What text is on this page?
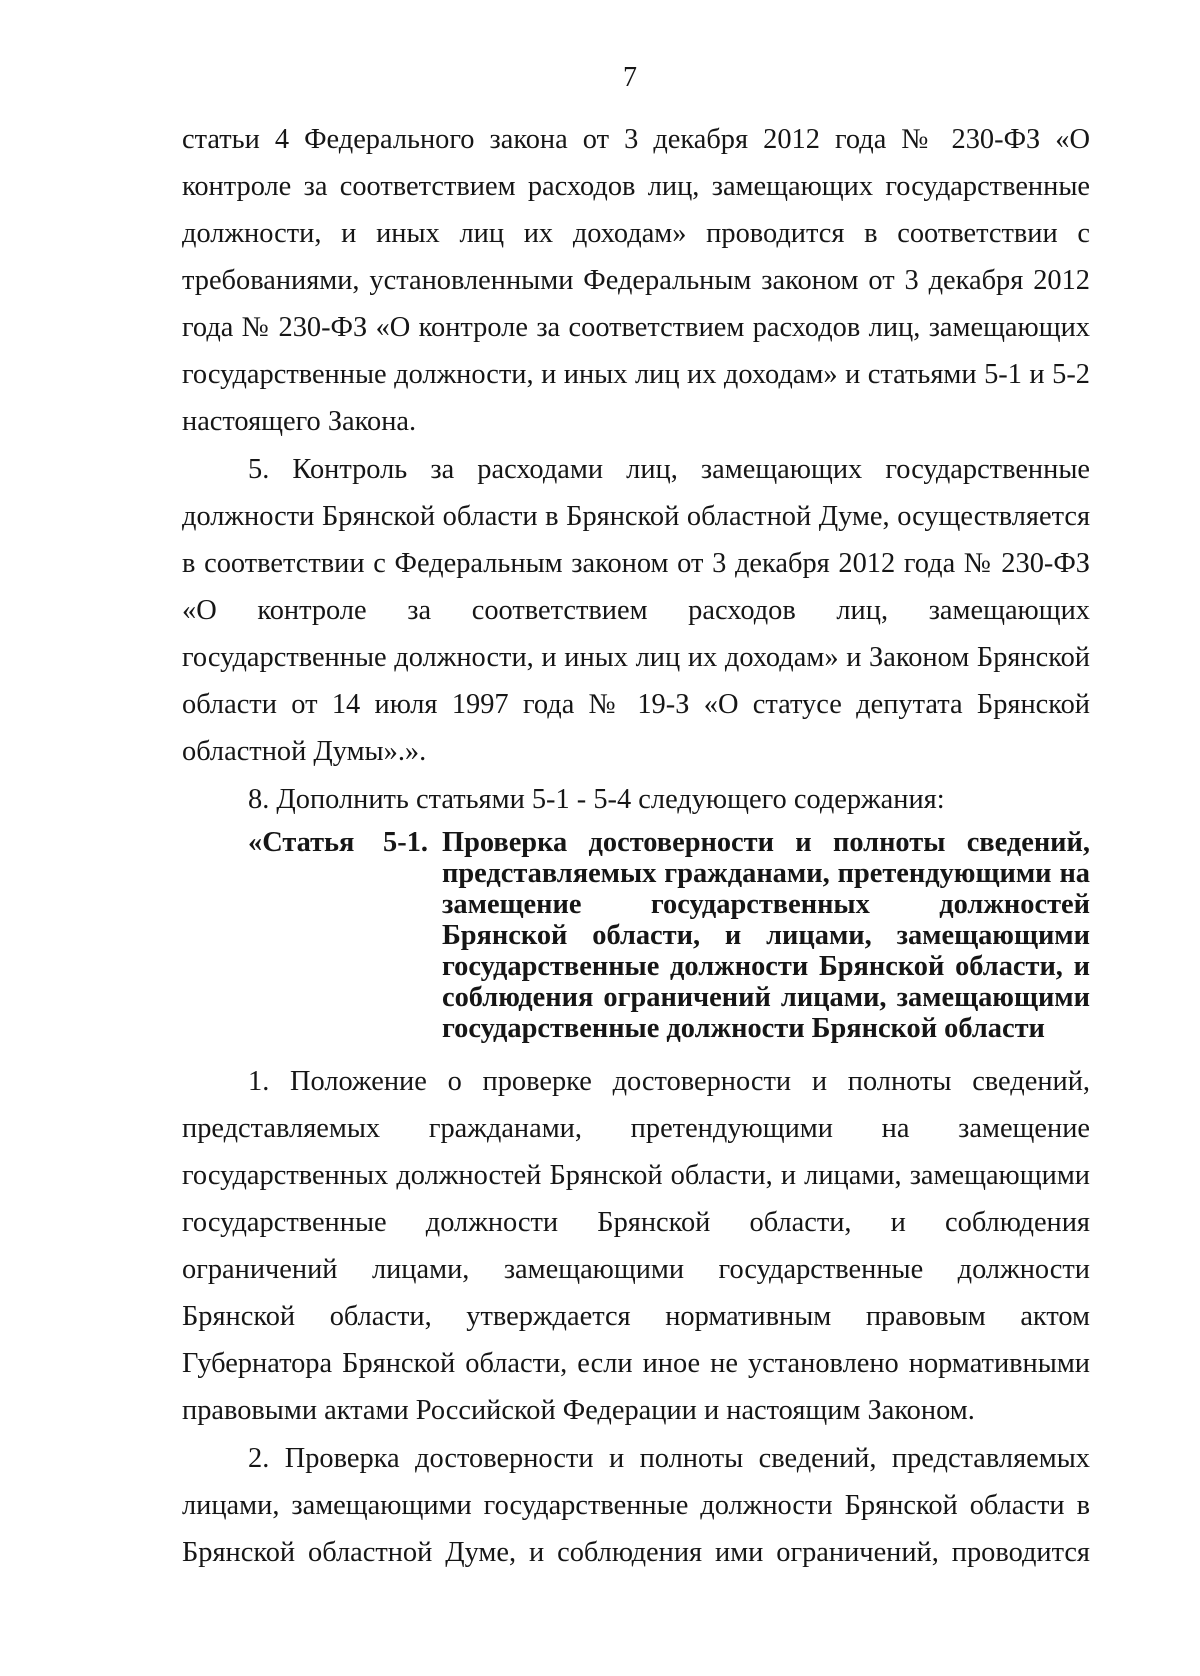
7

статьи 4 Федерального закона от 3 декабря 2012 года № 230-ФЗ «О контроле за соответствием расходов лиц, замещающих государственные должности, и иных лиц их доходам» проводится в соответствии с требованиями, установленными Федеральным законом от 3 декабря 2012 года № 230-ФЗ «О контроле за соответствием расходов лиц, замещающих государственные должности, и иных лиц их доходам» и статьями 5-1 и 5-2 настоящего Закона.

5. Контроль за расходами лиц, замещающих государственные должности Брянской области в Брянской областной Думе, осуществляется в соответствии с Федеральным законом от 3 декабря 2012 года № 230-ФЗ «О контроле за соответствием расходов лиц, замещающих государственные должности, и иных лиц их доходам» и Законом Брянской области от 14 июля 1997 года № 19-З «О статусе депутата Брянской областной Думы».».

8. Дополнить статьями 5-1 - 5-4 следующего содержания:

«Статья 5-1. Проверка достоверности и полноты сведений, представляемых гражданами, претендующими на замещение государственных должностей Брянской области, и лицами, замещающими государственные должности Брянской области, и соблюдения ограничений лицами, замещающими государственные должности Брянской области

1. Положение о проверке достоверности и полноты сведений, представляемых гражданами, претендующими на замещение государственных должностей Брянской области, и лицами, замещающими государственные должности Брянской области, и соблюдения ограничений лицами, замещающими государственные должности Брянской области, утверждается нормативным правовым актом Губернатора Брянской области, если иное не установлено нормативными правовыми актами Российской Федерации и настоящим Законом.

2. Проверка достоверности и полноты сведений, представляемых лицами, замещающими государственные должности Брянской области в Брянской областной Думе, и соблюдения ими ограничений, проводится
